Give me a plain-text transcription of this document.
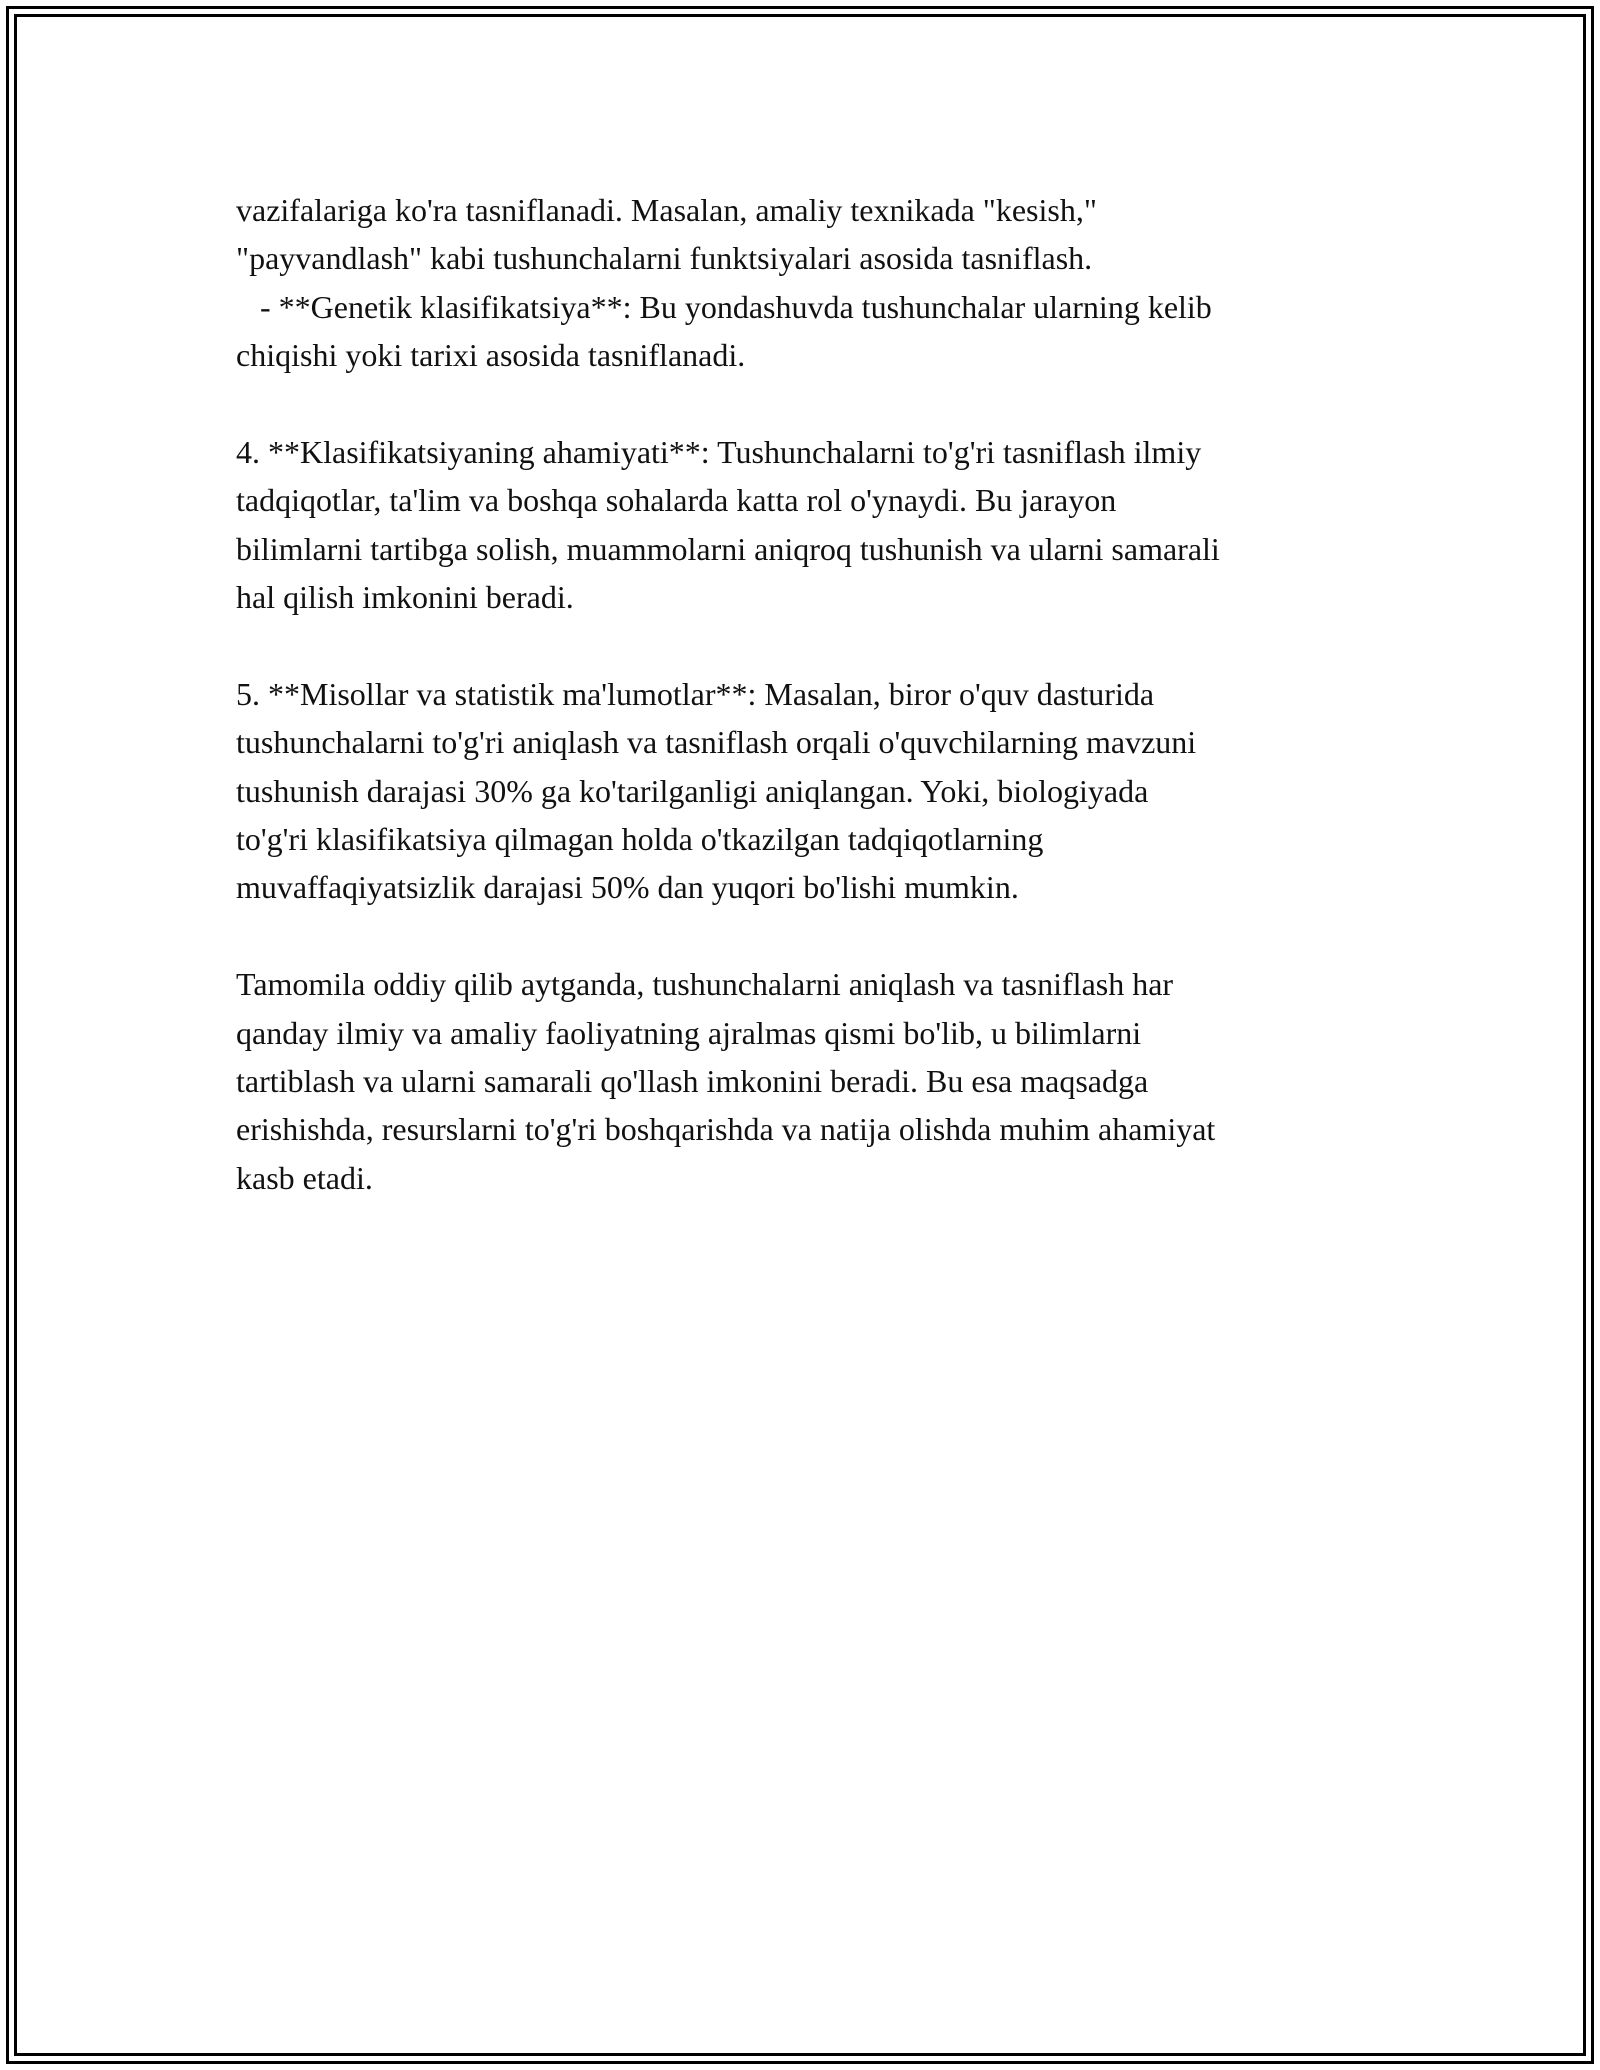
vazifalariga ko'ra tasniflanadi. Masalan, amaliy texnikada "kesish,"

"payvandlash" kabi tushunchalarni funktsiyalari asosida tasniflash.

- **Genetik klasifikatsiya**: Bu yondashuvda tushunchalar ularning kelib

chiqishi yoki tarixi asosida tasniflanadi.

4. **Klasifikatsiyaning ahamiyati**: Tushunchalarni to'g'ri tasniflash ilmiy

tadqiqotlar, ta'lim va boshqa sohalarda katta rol o'ynaydi. Bu jarayon

bilimlarni tartibga solish, muammolarni aniqroq tushunish va ularni samarali

hal qilish imkonini beradi.

5. **Misollar va statistik ma'lumotlar**: Masalan, biror o'quv dasturida

tushunchalarni to'g'ri aniqlash va tasniflash orqali o'quvchilarning mavzuni

tushunish darajasi 30% ga ko'tarilganligi aniqlangan. Yoki, biologiyada

to'g'ri klasifikatsiya qilmagan holda o'tkazilgan tadqiqotlarning

muvaffaqiyatsizlik darajasi 50% dan yuqori bo'lishi mumkin.

Tamomila oddiy qilib aytganda, tushunchalarni aniqlash va tasniflash har

qanday ilmiy va amaliy faoliyatning ajralmas qismi bo'lib, u bilimlarni

tartiblash va ularni samarali qo'llash imkonini beradi. Bu esa maqsadga

erishishda, resurslarni to'g'ri boshqarishda va natija olishda muhim ahamiyat

kasb etadi.
